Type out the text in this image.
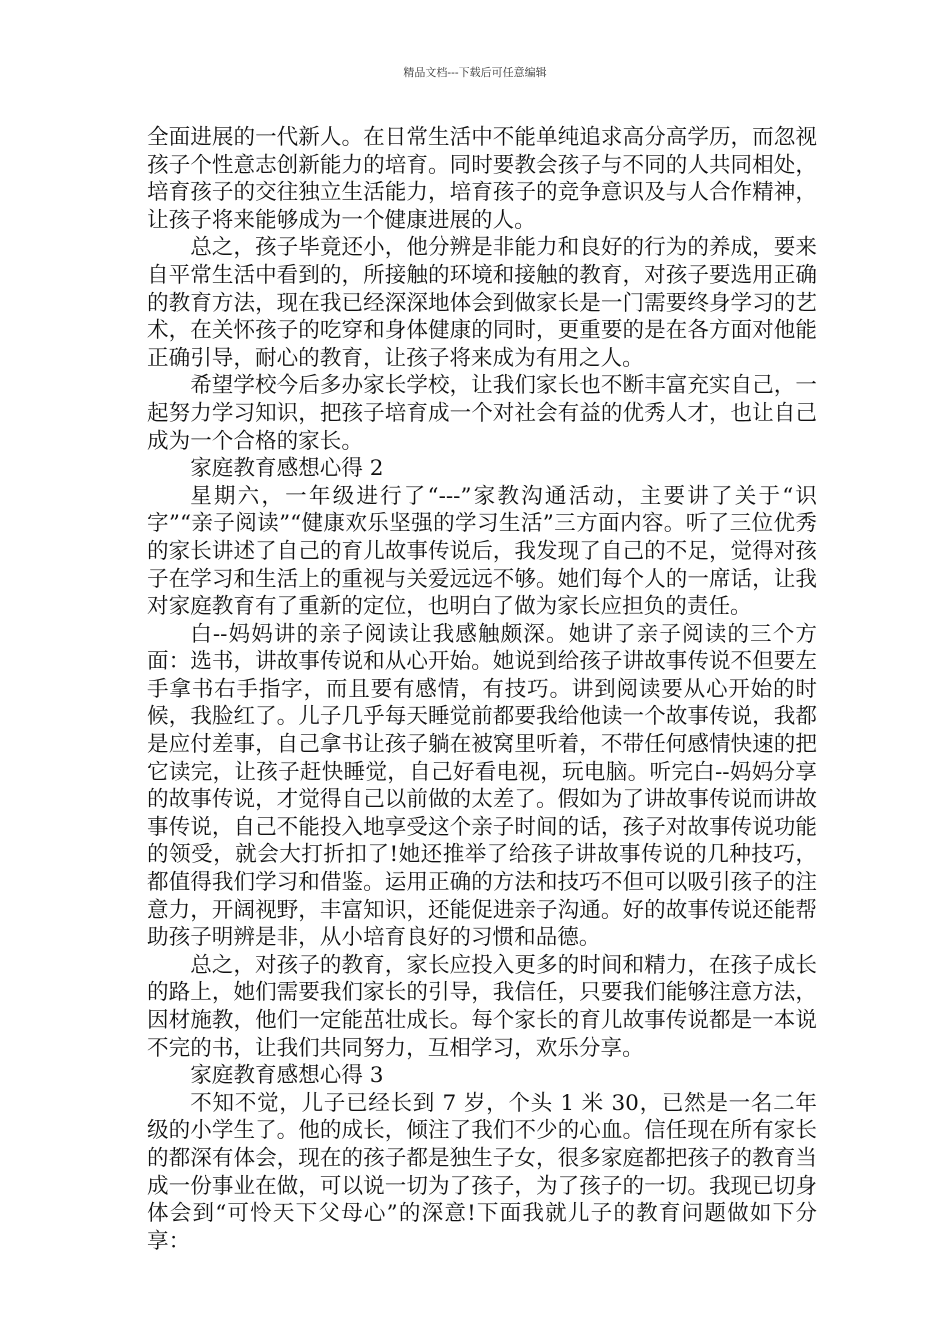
精品文档---下载后可任意编辑

全面进展的一代新人。在日常生活中不能单纯追求高分高学历，而忽视孩子个性意志创新能力的培育。同时要教会孩子与不同的人共同相处，培育孩子的交往独立生活能力，培育孩子的竞争意识及与人合作精神，让孩子将来能够成为一个健康进展的人。

总之，孩子毕竟还小，他分辨是非能力和良好的行为的养成，要来自平常生活中看到的，所接触的环境和接触的教育，对孩子要选用正确的教育方法，现在我已经深深地体会到做家长是一门需要终身学习的艺术，在关怀孩子的吃穿和身体健康的同时，更重要的是在各方面对他能正确引导，耐心的教育，让孩子将来成为有用之人。

希望学校今后多办家长学校，让我们家长也不断丰富充实自己，一起努力学习知识，把孩子培育成一个对社会有益的优秀人才，也让自己成为一个合格的家长。

家庭教育感想心得 2

星期六，一年级进行了“---”家教沟通活动，主要讲了关于“识字”“亲子阅读”“健康欢乐坚强的学习生活”三方面内容。听了三位优秀的家长讲述了自己的育儿故事传说后，我发现了自己的不足，觉得对孩子在学习和生活上的重视与关爱远远不够。她们每个人的一席话，让我对家庭教育有了重新的定位，也明白了做为家长应担负的责任。

白--妈妈讲的亲子阅读让我感触颇深。她讲了亲子阅读的三个方面：选书，讲故事传说和从心开始。她说到给孩子讲故事传说不但要左手拿书右手指字，而且要有感情，有技巧。讲到阅读要从心开始的时候，我脸红了。儿子几乎每天睡觉前都要我给他读一个故事传说，我都是应付差事，自己拿书让孩子躺在被窝里听着，不带任何感情快速的把它读完，让孩子赶快睡觉，自己好看电视，玩电脑。听完白--妈妈分享的故事传说，才觉得自己以前做的太差了。假如为了讲故事传说而讲故事传说，自己不能投入地享受这个亲子时间的话，孩子对故事传说功能的领受，就会大打折扣了!她还推举了给孩子讲故事传说的几种技巧，都值得我们学习和借鉴。运用正确的方法和技巧不但可以吸引孩子的注意力，开阔视野，丰富知识，还能促进亲子沟通。好的故事传说还能帮助孩子明辨是非，从小培育良好的习惯和品德。

总之，对孩子的教育，家长应投入更多的时间和精力，在孩子成长的路上，她们需要我们家长的引导，我信任，只要我们能够注意方法，因材施教，他们一定能茁壮成长。每个家长的育儿故事传说都是一本说不完的书，让我们共同努力，互相学习，欢乐分享。

家庭教育感想心得 3

不知不觉，儿子已经长到 7 岁，个头 1 米 30，已然是一名二年级的小学生了。他的成长，倾注了我们不少的心血。信任现在所有家长的都深有体会，现在的孩子都是独生子女，很多家庭都把孩子的教育当成一份事业在做，可以说一切为了孩子，为了孩子的一切。我现已切身体会到“可怜天下父母心”的深意!下面我就儿子的教育问题做如下分享：
